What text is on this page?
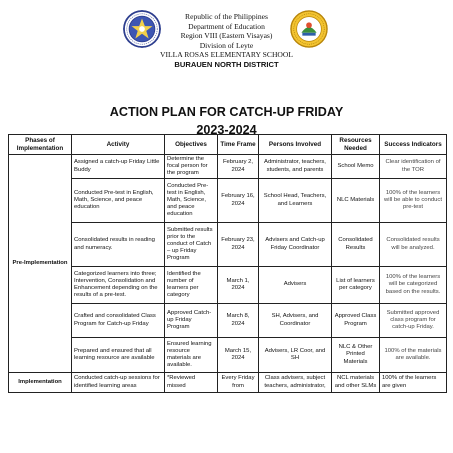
Republic of the Philippines
Department of Education
Region VIII (Eastern Visayas)
Division of Leyte
VILLA ROSAS ELEMENTARY SCHOOL
BURAUEN NORTH DISTRICT
ACTION PLAN FOR CATCH-UP FRIDAY
2023-2024
Phases of Implementation	Activity	Objectives	Time Frame	Persons Involved	Resources Needed	Success Indicators
Pre-Implementation	Assigned a catch-up Friday Little Buddy	Determine the focal person for the program	February 2, 2024	Administrator, teachers, students, and parents	School Memo	Clear identification of the TOR
	Conducted Pre-test in English, Math, Science, and peace education	Conducted Pre-test in English, Math, Science, and peace education	February 16, 2024	School Head, Teachers, and Learners	NLC Materials	100% of the learners will be able to conduct pre-test
	Consolidated results in reading and numeracy.	Submitted results prior to the conduct of Catch – up Friday Program	February 23, 2024	Advisers and Catch-up Friday Coordinator	Consolidated Results	Consolidated results will be analyzed.
	Categorized learners into three; Intervention, Consolidation and Enhancement depending on the results of a pre-test.	Identified the number of learners per category	March 1, 2024	Advisers	List of learners per category	100% of the learners will be categorized based on the results.
	Crafted and consolidated Class Program for Catch-up Friday	Approved Catch-up Friday Program	March 8, 2024	SH, Advisers, and Coordinator	Approved Class Program	Submitted approved class program for catch-up Friday.
	Prepared and ensured that all learning resource are available	Ensured learning resource materials are available.	March 15, 2024	Advisers, LR Coor, and SH	NLC & Other Printed Materials	100% of the materials are available.
Implementation	Conducted catch-up sessions for identified learning areas	*Reviewed missed	Every Friday from	Class advisers, subject teachers, administrator,	NCL materials and other SLMs	100% of the learners are given
